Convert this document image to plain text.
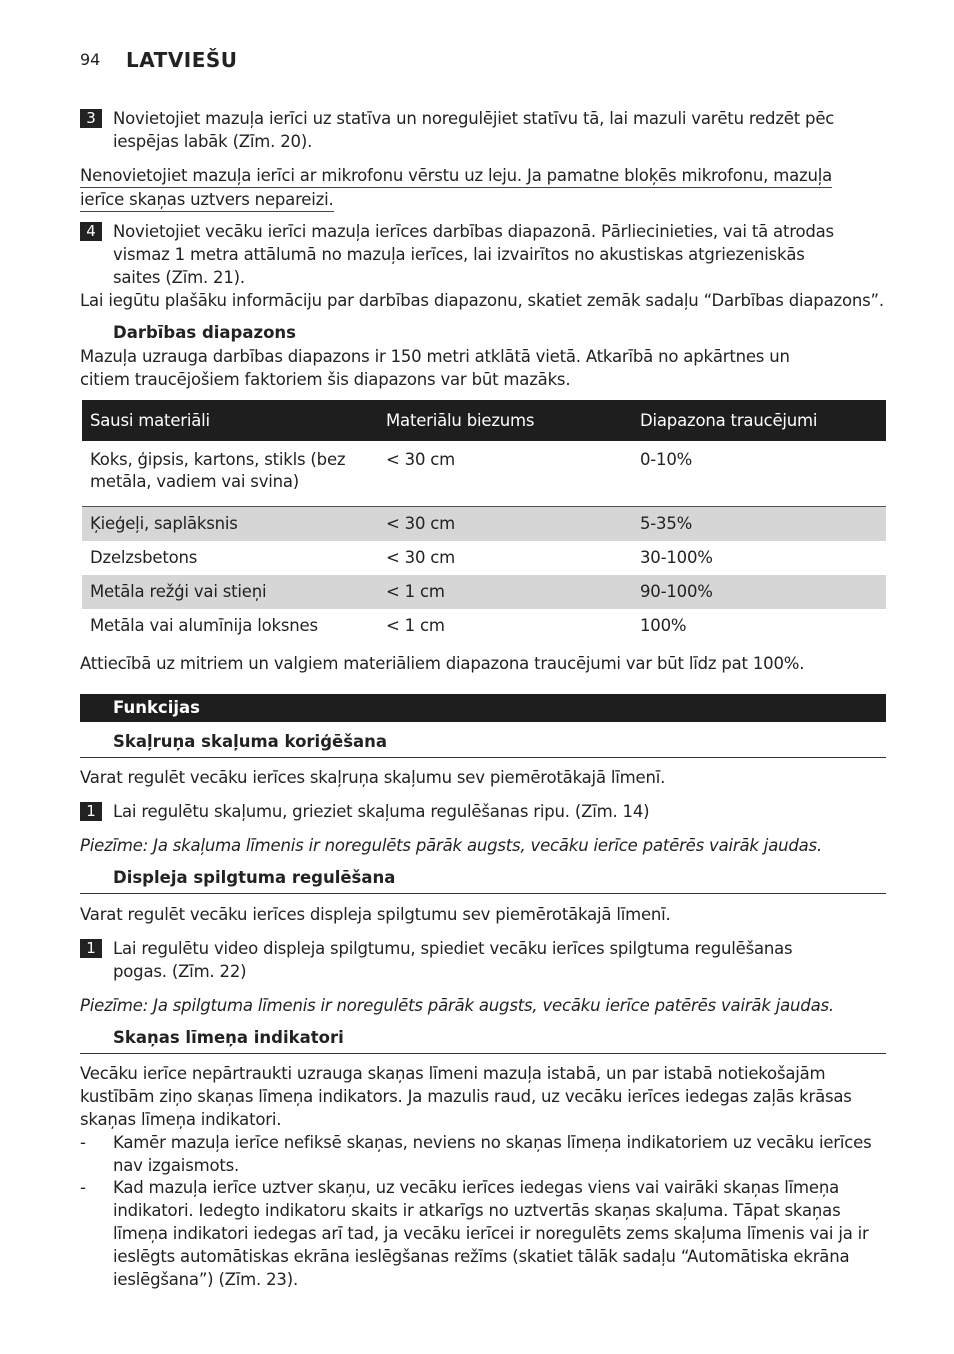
94 LATVIEŠU
3	Novietojiet mazuļa ierīci uz statīva un noregulējiet statīvu tā, lai mazuli varētu redzēt pēc iespējas labāk (Zīm. 20).
Nenovietojiet mazuļa ierīci ar mikrofonu vērstu uz leju. Ja pamatne bloķēs mikrofonu, mazuļa
ierīce skaņas uztvers nepareizi.
4	Novietojiet vecāku ierīci mazuļa ierīces darbības diapazonā. Pārliecinieties, vai tā atrodas vismaz 1 metra attālumā no mazuļa ierīces, lai izvairītos no akustiskas atgriezeniskās saites (Zīm. 21).
Lai iegūtu plašāku informāciju par darbības diapazonu, skatiet zemāk sadaļu “Darbības diapazons”.
Darbības diapazons
Mazuļa uzrauga darbības diapazons ir 150 metri atklātā vietā. Atkarībā no apkārtnes un citiem traucējošiem faktoriem šis diapazons var būt mazāks.
Sausi materiāli	Materiālu biezums	Diapazona traucējumi
Koks, ģipsis, kartons, stikls (bez metāla, vadiem vai svina)	< 30 cm	0-10%
Ķieģeļi, saplāksnis	< 30 cm	5-35%
Dzelzsbetons	< 30 cm	30-100%
Metāla režģi vai stieņi	< 1 cm	90-100%
Metāla vai alumīnija loksnes	< 1 cm	100%
Attiecībā uz mitriem un valgiem materiāliem diapazona traucējumi var būt līdz pat 100%.
Funkcijas
Skaļruņa skaļuma koriģēšana
Varat regulēt vecāku ierīces skaļruņa skaļumu sev piemērotākajā līmenī.
1	Lai regulētu skaļumu, grieziet skaļuma regulēšanas ripu. (Zīm. 14)
Piezīme: Ja skaļuma līmenis ir noregulēts pārāk augsts, vecāku ierīce patērēs vairāk jaudas.
Displeja spilgtuma regulēšana
Varat regulēt vecāku ierīces displeja spilgtumu sev piemērotākajā līmenī.
1	Lai regulētu video displeja spilgtumu, spiediet vecāku ierīces spilgtuma regulēšanas pogas. (Zīm. 22)
Piezīme: Ja spilgtuma līmenis ir noregulēts pārāk augsts, vecāku ierīce patērēs vairāk jaudas.
Skaņas līmeņa indikatori
Vecāku ierīce nepārtraukti uzrauga skaņas līmeni mazuļa istabā, un par istabā notiekošajām kustībām ziņo skaņas līmeņa indikators. Ja mazulis raud, uz vecāku ierīces iedegas zaļās krāsas skaņas līmeņa indikatori.
- Kamēr mazuļa ierīce nefiksē skaņas, neviens no skaņas līmeņa indikatoriem uz vecāku ierīces nav izgaismots.
- Kad mazuļa ierīce uztver skaņu, uz vecāku ierīces iedegas viens vai vairāki skaņas līmeņa indikatori. Iedegto indikatoru skaits ir atkarīgs no uztvertās skaņas skaļuma. Tāpat skaņas līmeņa indikatori iedegas arī tad, ja vecāku ierīcei ir noregulēts zems skaļuma līmenis vai ja ir ieslēgts automātiskas ekrāna ieslēgšanas režīms (skatiet tālāk sadaļu “Automātiska ekrāna ieslēgšana”) (Zīm. 23).
